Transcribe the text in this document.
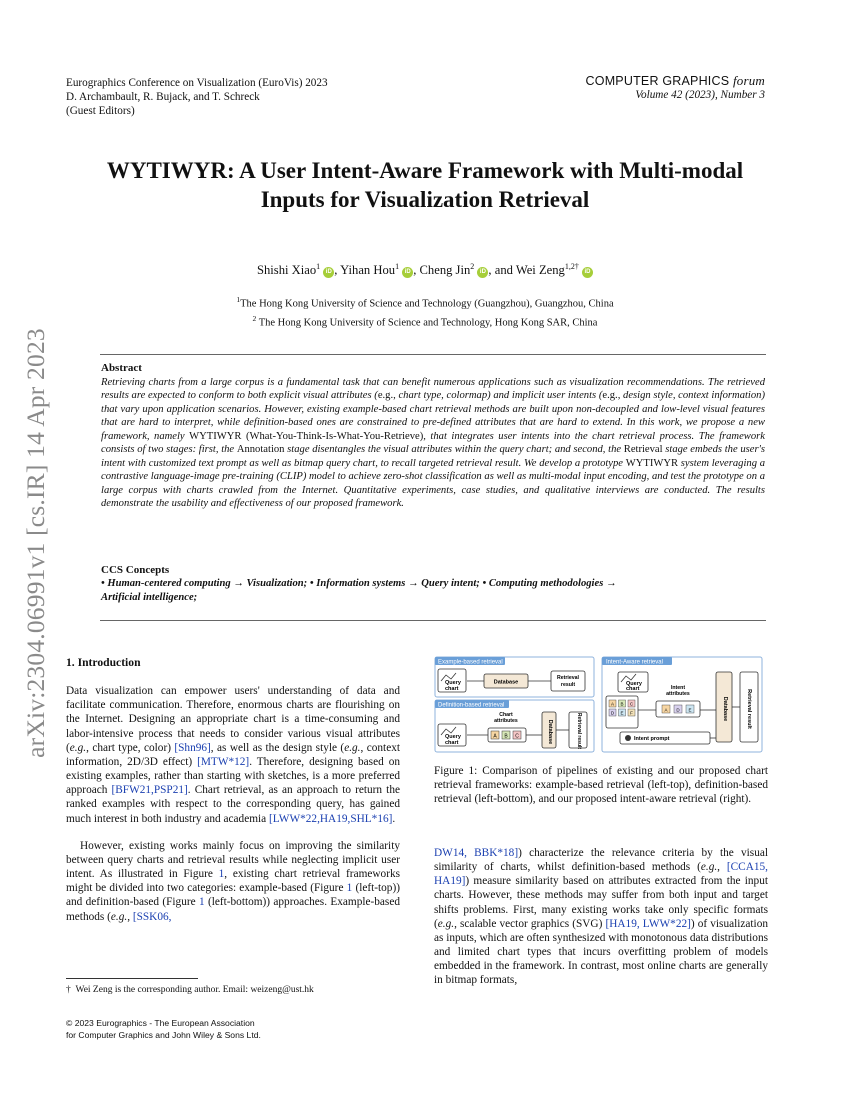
Eurographics Conference on Visualization (EuroVis) 2023
D. Archambault, R. Bujack, and T. Schreck
(Guest Editors)
COMPUTER GRAPHICS forum
Volume 42 (2023), Number 3
arXiv:2304.06991v1 [cs.IR] 14 Apr 2023
WYTIWYR: A User Intent-Aware Framework with Multi-modal
Inputs for Visualization Retrieval
Shishi Xiao$^1$ iD , Yihan Hou$^1$ iD , Cheng Jin$^2$ iD , and Wei Zeng$^{1,2\dagger}$ iD
$^1$The Hong Kong University of Science and Technology (Guangzhou), Guangzhou, China
$^2$ The Hong Kong University of Science and Technology, Hong Kong SAR, China
Abstract

Retrieving charts from a large corpus is a fundamental task that can benefit numerous applications such as visualization recommendations. The retrieved results are expected to conform to both explicit visual attributes (e.g., chart type, colormap) and implicit user intents (e.g., design style, context information) that vary upon application scenarios. However, existing example-based chart retrieval methods are built upon non-decoupled and low-level visual features that are hard to interpret, while definition-based ones are constrained to pre-defined attributes that are hard to extend. In this work, we propose a new framework, namely WYTIWYR (What-You-Think-Is-What-You-Retrieve), that integrates user intents into the chart retrieval process. The framework consists of two stages: first, the Annotation stage disentangles the visual attributes within the query chart; and second, the Retrieval stage embeds the user's intent with customized text prompt as well as bitmap query chart, to recall targeted retrieval result. We develop a prototype WYTIWYR system leveraging a contrastive language-image pre-training (CLIP) model to achieve zero-shot classification as well as multi-modal input encoding, and test the prototype on a large corpus with charts crawled from the Internet. Quantitative experiments, case studies, and qualitative interviews are conducted. The results demonstrate the usability and effectiveness of our proposed framework.

CCS Concepts

• Human-centered computing → Visualization; • Information systems → Query intent; • Computing methodologies →

Artificial intelligence;

1. Introduction

Data visualization can empower users' understanding of data and facilitate communication. Therefore, enormous charts are flourishing on the Internet. Designing an appropriate chart is a time-consuming and labor-intensive process that needs to consider various visual attributes (e.g., chart type, color) [Shn96], as well as the design style (e.g., context information, 2D/3D effect) [MTW*12]. Therefore, designing based on existing examples, rather than starting with sketches, is a more preferred approach [BFW21,PSP21]. Chart retrieval, as an approach to return the ranked examples with respect to the corresponding query, has gained much interest in both industry and academia [LWW*22,HA19,SHL*16].

However, existing works mainly focus on improving the similarity between query charts and retrieval results while neglecting implicit user intent. As illustrated in Figure 1, existing chart retrieval frameworks might be divided into two categories: example-based (Figure 1 (left-top)) and definition-based (Figure 1 (left-bottom)) approaches. Example-based methods (e.g., [SSK06,

Example-based retrieval
Query
chart
Database
Retrieval
result
Definition-based retrieval
Query
chart
Chart
attributes
A B C	Database	Retrieval result
Intent-Aware retrieval
Query
chart
A B C
D E F
Intent
attributes
A D E	Database	Retrieval result
Intent prompt
Figure 1: Comparison of pipelines of existing and our proposed chart retrieval frameworks: example-based retrieval (left-top), definition-based retrieval (left-bottom), and our proposed intent-aware retrieval (right).

DW14, BBK*18]) characterize the relevance criteria by the visual similarity of charts, whilst definition-based methods (e.g., [CCA15, HA19]) measure similarity based on attributes extracted from the input charts. However, these methods may suffer from both input and target shifts problems. First, many existing works take only specific formats (e.g., scalable vector graphics (SVG) [HA19, LWW*22]) of visualization as inputs, which are often synthesized with monotonous data distributions and limited chart types that incurs overfitting problem of models embedded in the framework. In contrast, most online charts are generally in bitmap formats,

† Wei Zeng is the corresponding author. Email: weizeng@ust.hk
© 2023 Eurographics - The European Association
for Computer Graphics and John Wiley & Sons Ltd.
